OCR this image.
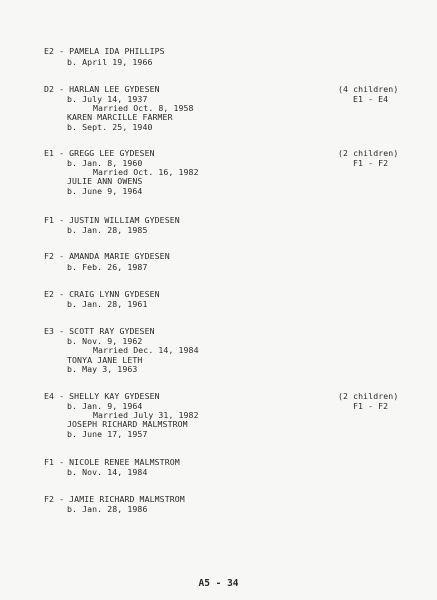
E2 - PAMELA IDA PHILLIPS
b. April 19, 1966
D2 - HARLAN LEE GYDESEN
b. July 14, 1937
Married Oct. 8, 1958
KAREN MARCILLE FARMER
b. Sept. 25, 1940
(4 children)
E1 - E4
E1 - GREGG LEE GYDESEN
b. Jan. 8, 1960
Married Oct. 16, 1982
JULIE ANN OWENS
b. June 9, 1964
(2 children)
F1 - F2
F1 - JUSTIN WILLIAM GYDESEN
b. Jan. 28, 1985
F2 - AMANDA MARIE GYDESEN
b. Feb. 26, 1987
E2 - CRAIG LYNN GYDESEN
b. Jan. 28, 1961
E3 - SCOTT RAY GYDESEN
b. Nov. 9, 1962
Married Dec. 14, 1984
TONYA JANE LETH
b. May 3, 1963
E4 - SHELLY KAY GYDESEN
b. Jan. 9, 1964
Married July 31, 1982
JOSEPH RICHARD MALMSTROM
b. June 17, 1957
(2 children)
F1 - F2
F1 - NICOLE RENEE MALMSTROM
b. Nov. 14, 1984
F2 - JAMIE RICHARD MALMSTROM
b. Jan. 28, 1986
A5 - 34
